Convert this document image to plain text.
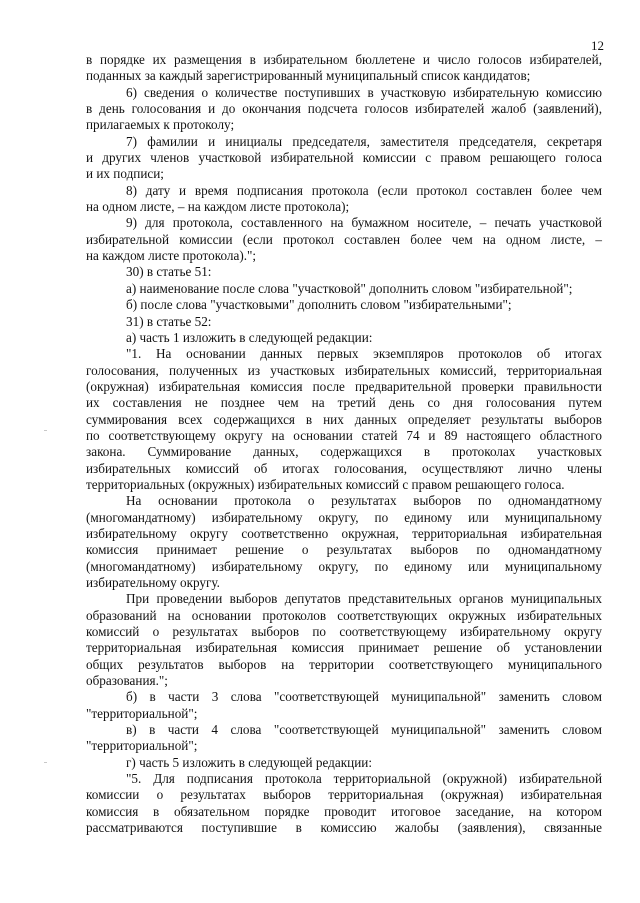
12
в порядке их размещения в избирательном бюллетене и число голосов избирателей,
поданных за каждый зарегистрированный муниципальный список кандидатов;
6) сведения о количестве поступивших в участковую избирательную комиссию
в день голосования и до окончания подсчета голосов избирателей жалоб (заявлений),
прилагаемых к протоколу;
7) фамилии и инициалы председателя, заместителя председателя, секретаря
и других членов участковой избирательной комиссии с правом решающего голоса
и их подписи;
8) дату и время подписания протокола (если протокол составлен более чем
на одном листе, – на каждом листе протокола);
9) для протокола, составленного на бумажном носителе, – печать участковой
избирательной комиссии (если протокол составлен более чем на одном листе, –
на каждом листе протокола).";
30) в статье 51:
а) наименование после слова "участковой" дополнить словом "избирательной";
б) после слова "участковыми" дополнить словом "избирательными";
31) в статье 52:
а) часть 1 изложить в следующей редакции:
"1. На основании данных первых экземпляров протоколов об итогах
голосования, полученных из участковых избирательных комиссий, территориальная
(окружная) избирательная комиссия после предварительной проверки правильности
их составления не позднее чем на третий день со дня голосования путем
суммирования всех содержащихся в них данных определяет результаты выборов
по соответствующему округу на основании статей 74 и 89 настоящего областного
закона. Суммирование данных, содержащихся в протоколах участковых
избирательных комиссий об итогах голосования, осуществляют лично члены
территориальных (окружных) избирательных комиссий с правом решающего голоса.
На основании протокола о результатах выборов по одномандатному
(многомандатному) избирательному округу, по единому или муниципальному
избирательному округу соответственно окружная, территориальная избирательная
комиссия принимает решение о результатах выборов по одномандатному
(многомандатному) избирательному округу, по единому или муниципальному
избирательному округу.
При проведении выборов депутатов представительных органов муниципальных
образований на основании протоколов соответствующих окружных избирательных
комиссий о результатах выборов по соответствующему избирательному округу
территориальная избирательная комиссия принимает решение об установлении
общих результатов выборов на территории соответствующего муниципального
образования.";
б) в части 3 слова "соответствующей муниципальной" заменить словом
"территориальной";
в) в части 4 слова "соответствующей муниципальной" заменить словом
"территориальной";
г) часть 5 изложить в следующей редакции:
"5. Для подписания протокола территориальной (окружной) избирательной
комиссии о результатах выборов территориальная (окружная) избирательная
комиссия в обязательном порядке проводит итоговое заседание, на котором
рассматриваются поступившие в комиссию жалобы (заявления), связанные
